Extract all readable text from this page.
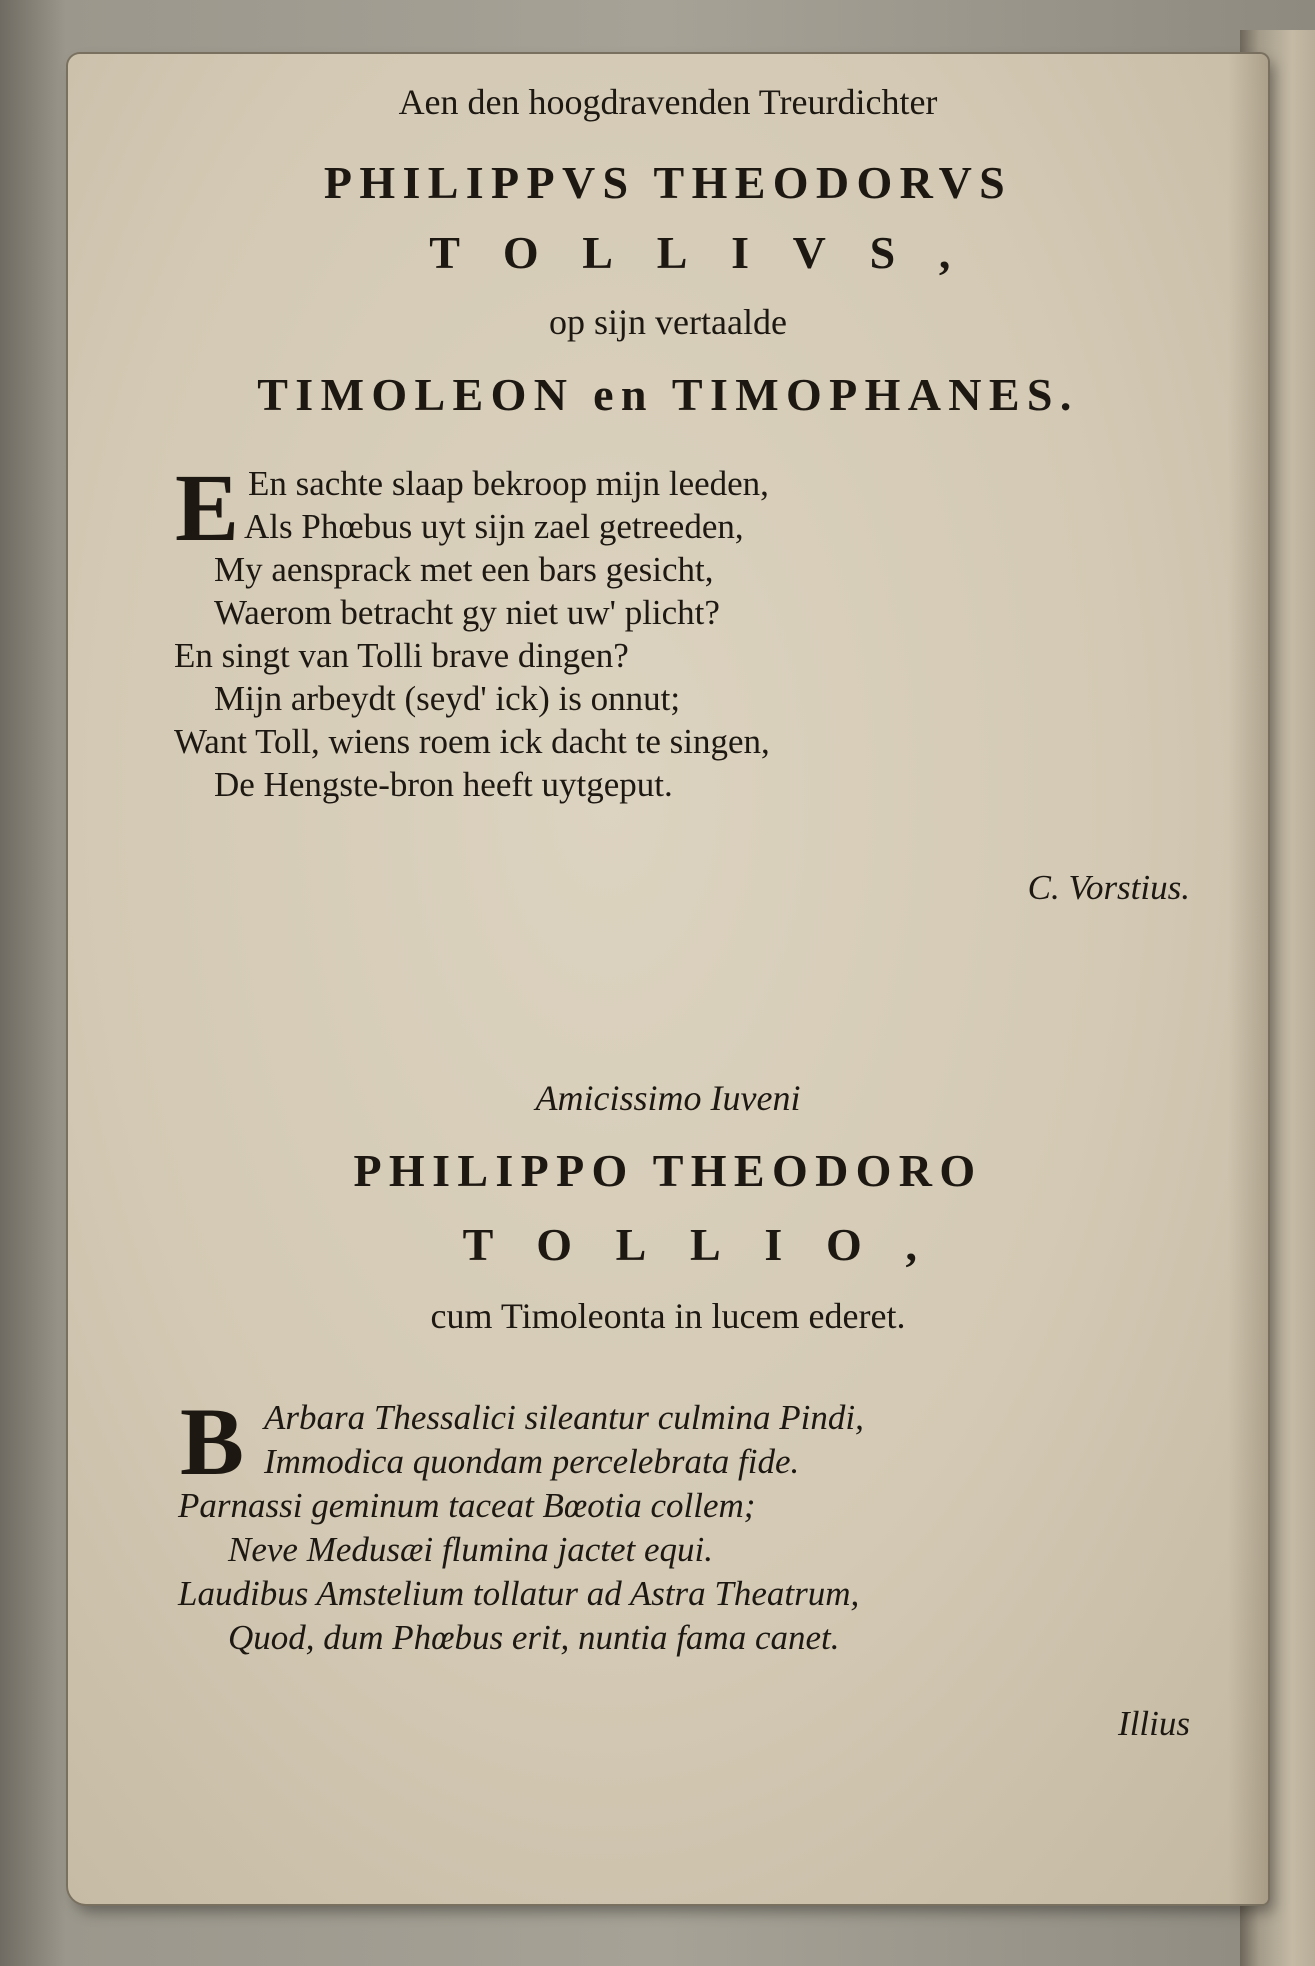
Aen den hoogdravenden Treurdichter
PHILIPPVS THEODORVS
TOLLIVS,
op sijn vertaalde
TIMOLEON en TIMOPHANES.
E En sachte slaap bekroop mijn leeden,
Als Phœbus uyt sijn zael getreeden,
My aensprack met een bars gesicht,
Waerom betracht gy niet uw' plicht?
En singt van Tolli brave dingen?
Mijn arbeydt (seyd' ick) is onnut;
Want Toll, wiens roem ick dacht te singen,
De Hengste-bron heeft uytgeput.
C. Vorstius.
Amicissimo Iuveni
PHILIPPO THEODORO
TOLLIO,
cum Timoleonta in lucem ederet.
B Arbara Thessalici sileantur culmina Pindi,
Immodica quondam percelebrata fide.
Parnassi geminum taceat Bœotia collem;
Neve Medusæi flumina jactet equi.
Laudibus Amstelium tollatur ad Astra Theatrum,
Quod, dum Phœbus erit, nuntia fama canet.
Illius
